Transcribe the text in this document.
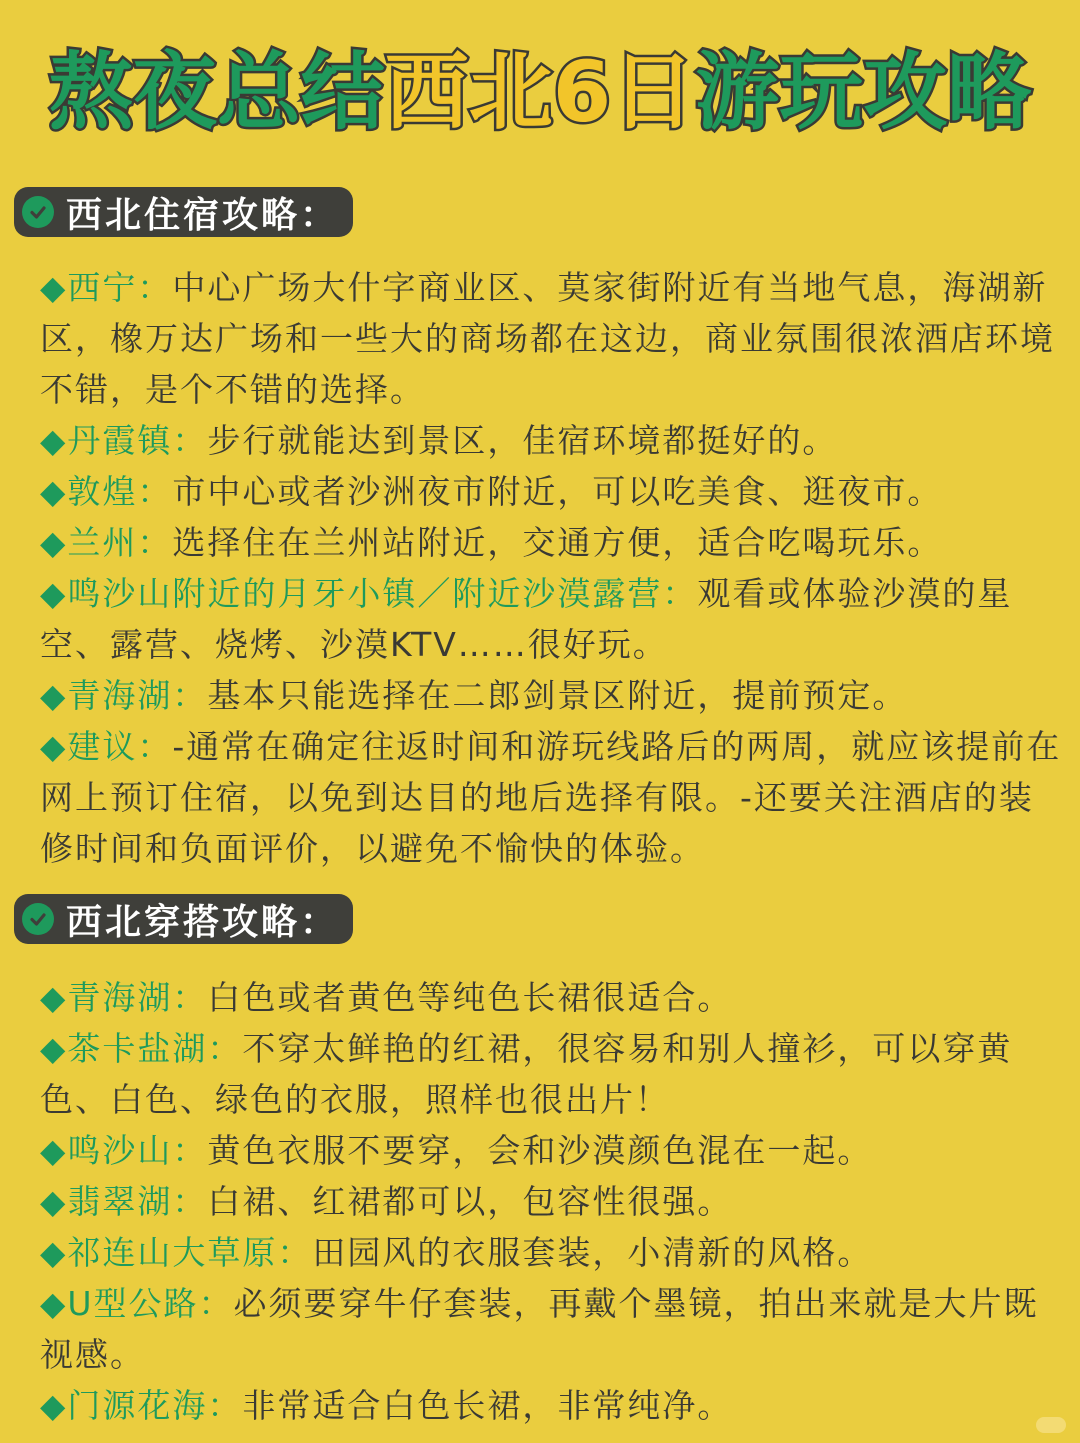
熬夜总结西北6日游玩攻略
西北住宿攻略：

◆西宁：中心广场大什字商业区、莫家街附近有当地气息，海湖新区，橡万达广场和一些大的商场都在这边，商业氛围很浓酒店环境不错，是个不错的选择。

◆丹霞镇：步行就能达到景区，佳宿环境都挺好的。

◆敦煌：市中心或者沙洲夜市附近，可以吃美食、逛夜市。

◆兰州：选择住在兰州站附近，交通方便，适合吃喝玩乐。

◆鸣沙山附近的月牙小镇／附近沙漠露营：观看或体验沙漠的星空、露营、烧烤、沙漠KTV……很好玩。

◆青海湖：基本只能选择在二郎剑景区附近，提前预定。

◆建议：-通常在确定往返时间和游玩线路后的两周，就应该提前在网上预订住宿，以免到达目的地后选择有限。-还要关注酒店的装修时间和负面评价，以避免不愉快的体验。

西北穿搭攻略：

◆青海湖：白色或者黄色等纯色长裙很适合。

◆茶卡盐湖：不穿太鲜艳的红裙，很容易和别人撞衫，可以穿黄色、白色、绿色的衣服，照样也很出片！

◆鸣沙山：黄色衣服不要穿，会和沙漠颜色混在一起。

◆翡翠湖：白裙、红裙都可以，包容性很强。

◆祁连山大草原：田园风的衣服套装，小清新的风格。

◆U型公路：必须要穿牛仔套装，再戴个墨镜，拍出来就是大片既视感。

◆门源花海：非常适合白色长裙，非常纯净。
